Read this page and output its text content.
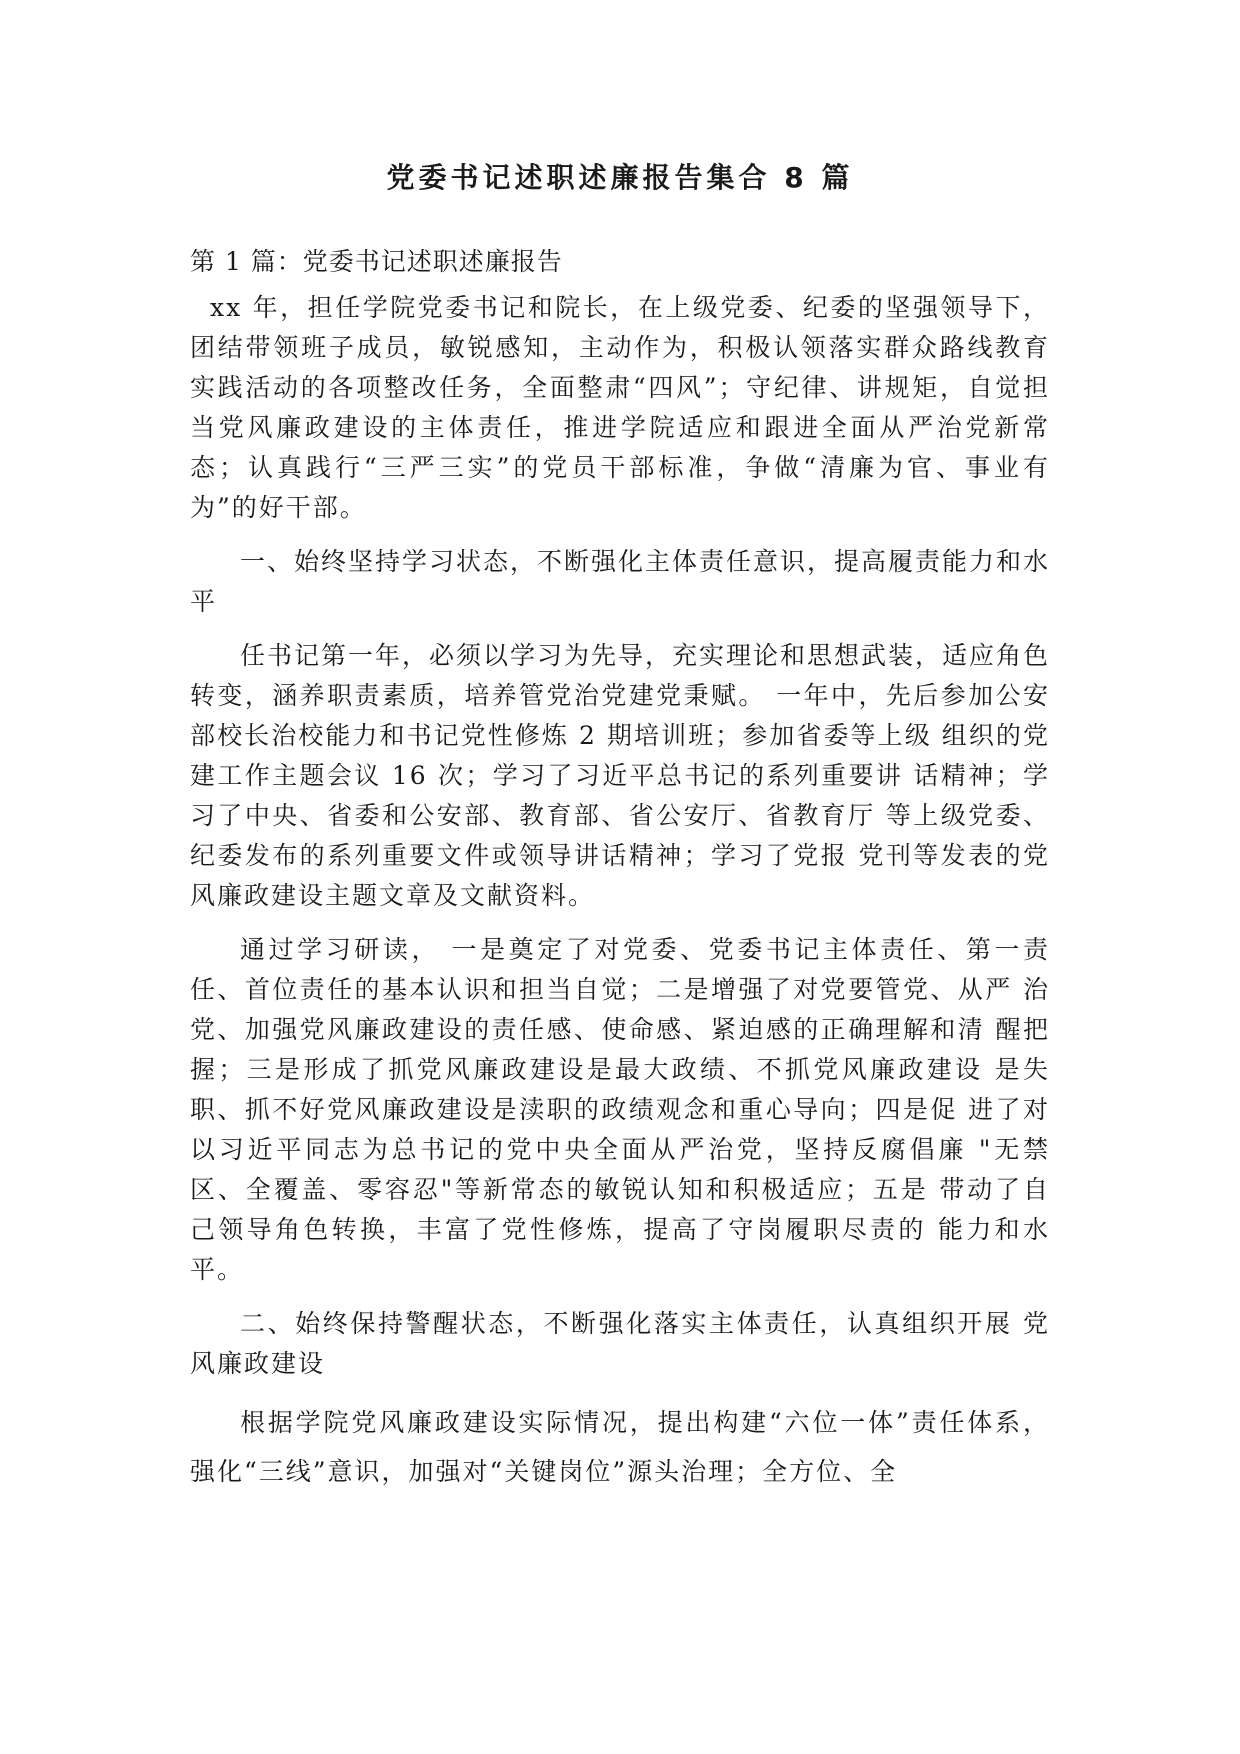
党委书记述职述廉报告集合 8 篇
第 1 篇：党委书记述职述廉报告

xx 年，担任学院党委书记和院长，在上级党委、纪委的坚强领导下，团结带领班子成员，敏锐感知，主动作为，积极认领落实群众路线教育实践活动的各项整改任务，全面整肃“四风”；守纪律、讲规矩，自觉担当党风廉政建设的主体责任，推进学院适应和跟进全面从严治党新常态；认真践行“三严三实”的党员干部标准，争做“清廉为官、事业有为”的好干部。

一、始终坚持学习状态，不断强化主体责任意识，提高履责能力和水平

任书记第一年，必须以学习为先导，充实理论和思想武装，适应角色转变，涵养职责素质，培养管党治党建党秉赋。 一年中，先后参加公安部校长治校能力和书记党性修炼 2 期培训班；参加省委等上级 组织的党建工作主题会议 16 次；学习了习近平总书记的系列重要讲 话精神；学习了中央、省委和公安部、教育部、省公安厅、省教育厅 等上级党委、纪委发布的系列重要文件或领导讲话精神；学习了党报 党刊等发表的党风廉政建设主题文章及文献资料。

通过学习研读， 一是奠定了对党委、党委书记主体责任、第一责 任、首位责任的基本认识和担当自觉；二是增强了对党要管党、从严 治党、加强党风廉政建设的责任感、使命感、紧迫感的正确理解和清 醒把握；三是形成了抓党风廉政建设是最大政绩、不抓党风廉政建设 是失职、抓不好党风廉政建设是渎职的政绩观念和重心导向；四是促 进了对以习近平同志为总书记的党中央全面从严治党，坚持反腐倡廉 "无禁区、全覆盖、零容忍"等新常态的敏锐认知和积极适应；五是 带动了自己领导角色转换，丰富了党性修炼，提高了守岗履职尽责的 能力和水平。

二、始终保持警醒状态，不断强化落实主体责任，认真组织开展 党风廉政建设

根据学院党风廉政建设实际情况，提出构建“六位一体”责任体系，强化“三线”意识，加强对“关键岗位”源头治理；全方位、全
